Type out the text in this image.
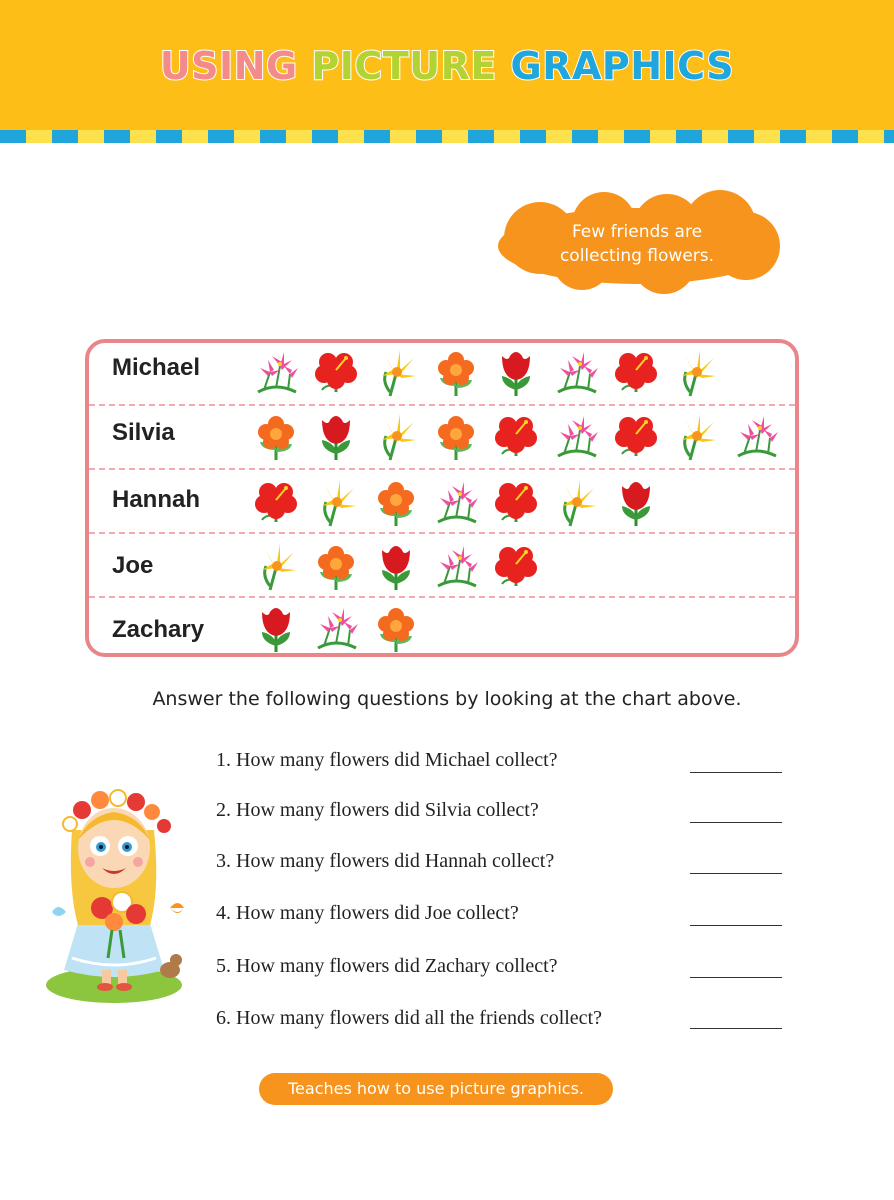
USING PICTURE GRAPHICS
Few friends are
collecting flowers.
Michael
Silvia
Hannah
Joe
Zachary
Answer the following questions by looking at the chart above.
1. How many flowers did Michael collect?
2. How many flowers did Silvia collect?
3. How many flowers did Hannah collect?
4. How many flowers did Joe collect?
5. How many flowers did Zachary collect?
6. How many flowers did all the friends collect?
Teaches how to use picture graphics.
